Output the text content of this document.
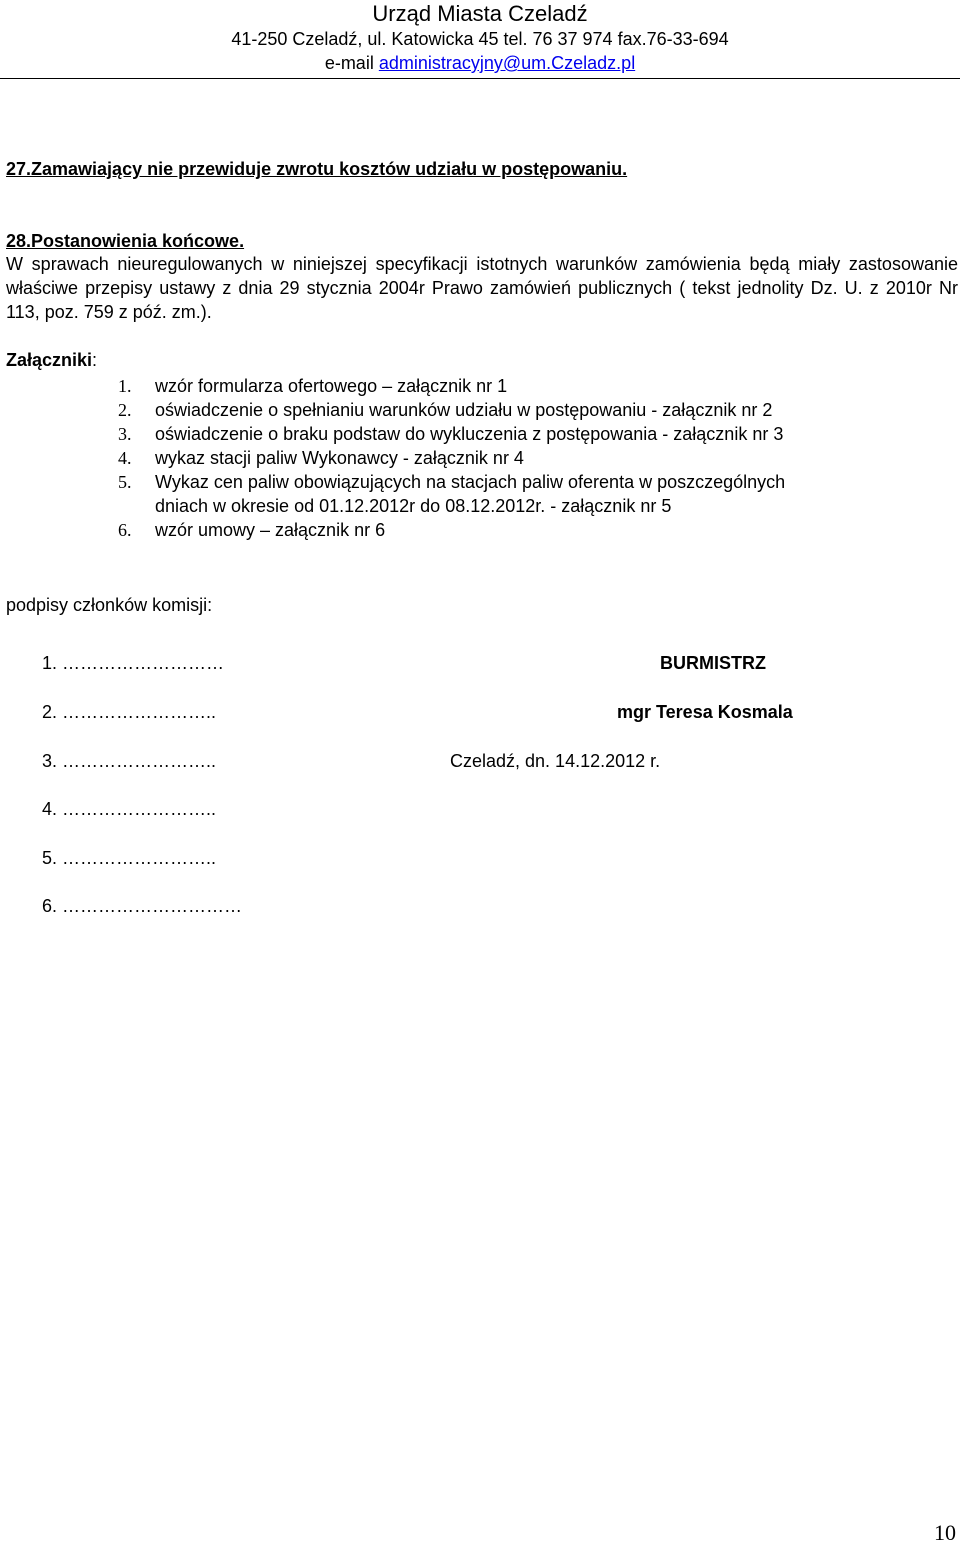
Urząd Miasta Czeladź
41-250 Czeladź, ul. Katowicka 45 tel. 76 37 974 fax.76-33-694
e-mail administracyjny@um.Czeladz.pl
27.Zamawiający nie przewiduje zwrotu kosztów udziału w postępowaniu.
28.Postanowienia końcowe.
W sprawach nieuregulowanych w niniejszej specyfikacji istotnych warunków zamówienia będą miały zastosowanie właściwe przepisy ustawy z dnia 29 stycznia 2004r Prawo zamówień publicznych ( tekst jednolity Dz. U. z 2010r Nr 113, poz. 759 z póź. zm.).
Załączniki:
1.	wzór formularza ofertowego – załącznik nr 1
2.	oświadczenie o spełnianiu warunków udziału w postępowaniu - załącznik nr 2
3.	oświadczenie o braku podstaw do wykluczenia z postępowania - załącznik nr 3
4.	wykaz stacji paliw Wykonawcy - załącznik nr 4
5.	Wykaz cen paliw obowiązujących na stacjach paliw oferenta w poszczególnych
dniach w okresie od 01.12.2012r do 08.12.2012r. - załącznik nr 5
6.	wzór umowy – załącznik nr 6
podpisy członków komisji:
1. ………………………
2. ……………………..
3. ……………………..
4. ……………………..
5. ……………………..
6. …………………………
BURMISTRZ
mgr Teresa Kosmala
Czeladź, dn. 14.12.2012 r.
10
